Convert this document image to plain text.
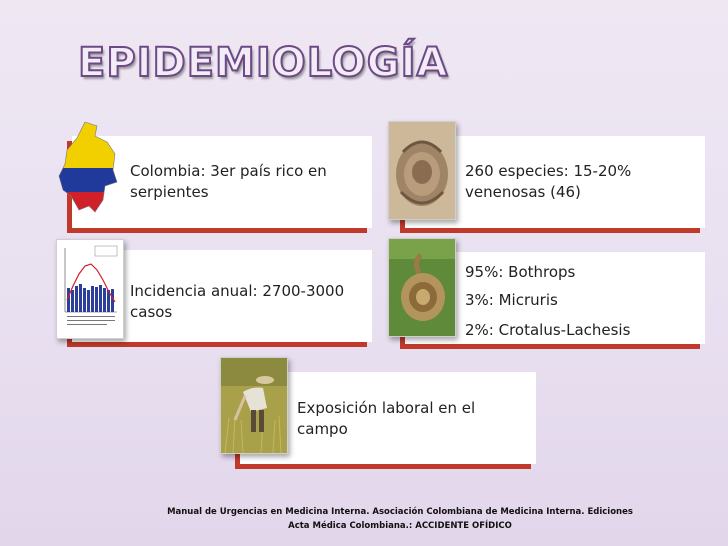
EPIDEMIOLOGÍA
Colombia: 3er país rico en serpientes
260 especies: 15-20% venenosas (46)
Incidencia anual: 2700-3000 casos
95%: Bothrops
3%: Micruris
2%: Crotalus-Lachesis
Exposición laboral en el campo
Manual de Urgencias en Medicina Interna. Asociación Colombiana de Medicina Interna. Ediciones
Acta Médica Colombiana.: ACCIDENTE OFÍDICO
